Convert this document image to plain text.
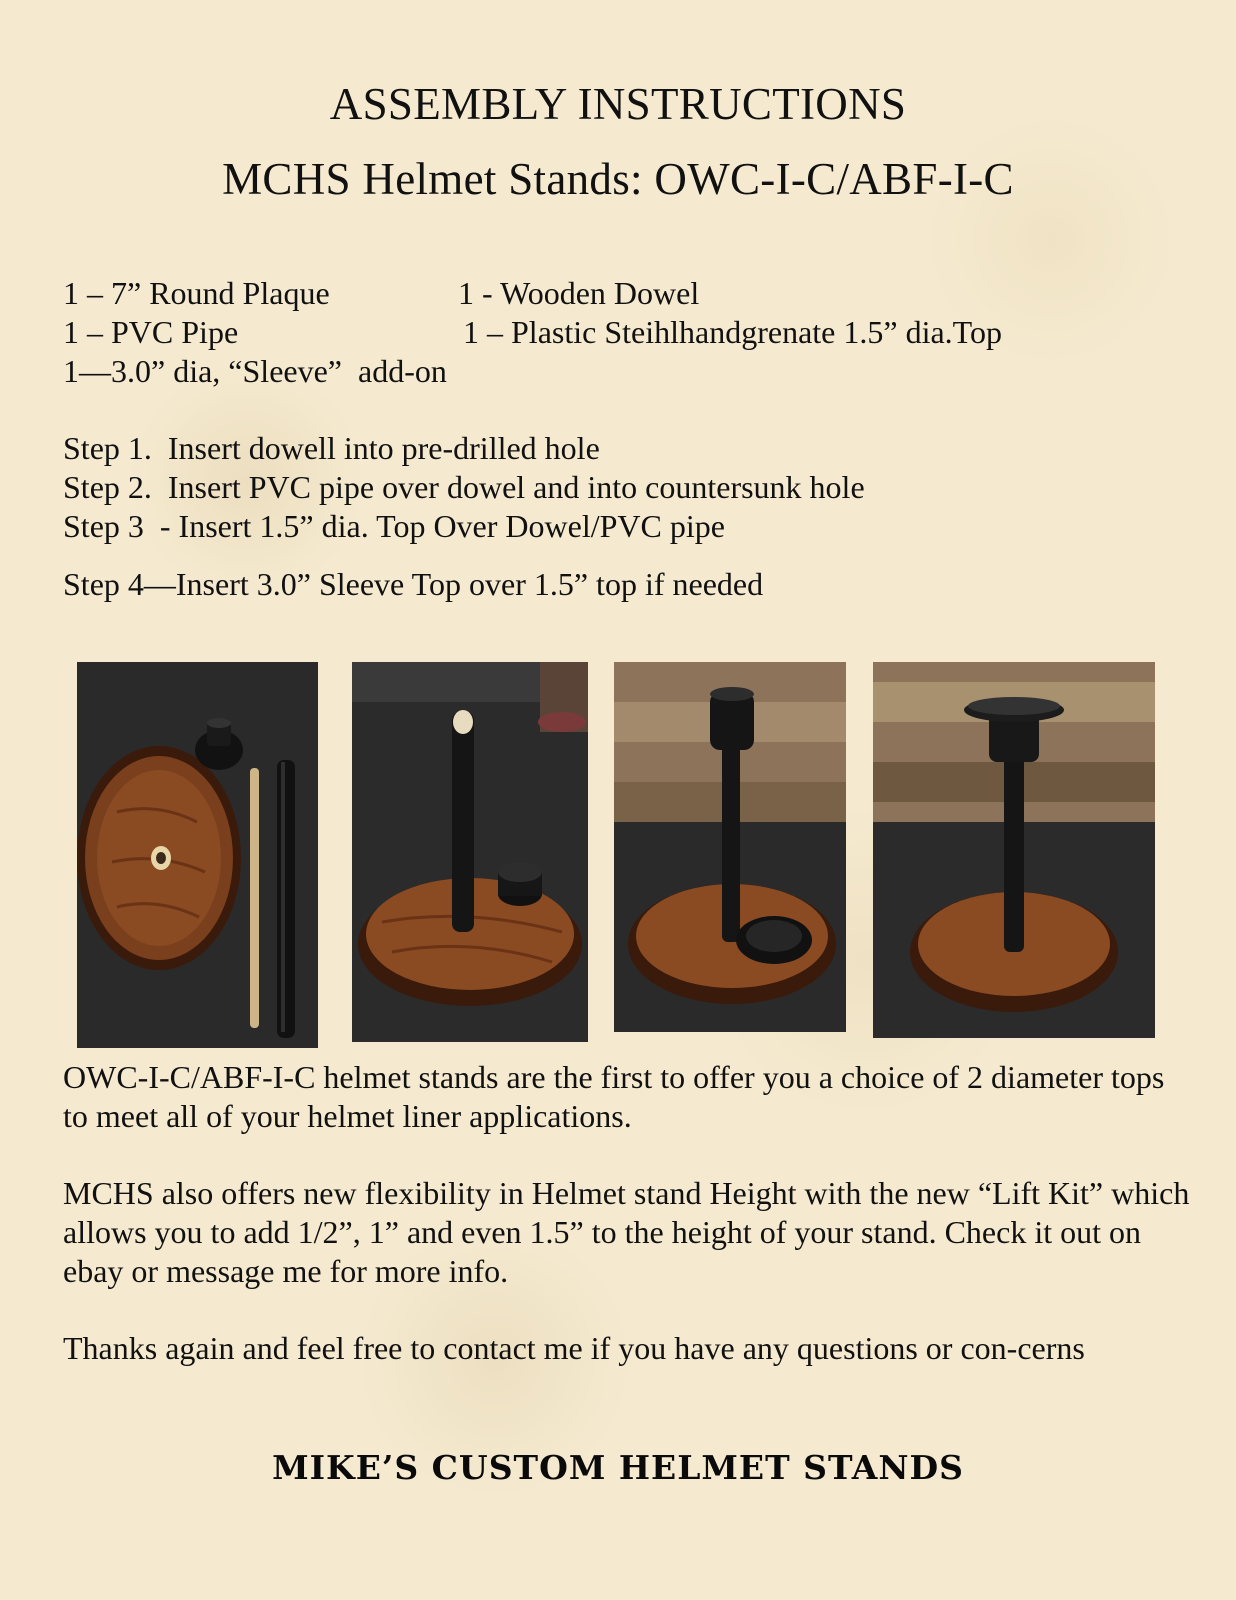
ASSEMBLY INSTRUCTIONS
MCHS Helmet Stands: OWC-I-C/ABF-I-C
1 – 7” Round Plaque	1 - Wooden Dowel
1 – PVC Pipe	1 – Plastic Steihlhandgrenate 1.5” dia.Top
1—3.0” dia, “Sleeve”  add-on
Step 1.  Insert dowell into pre-drilled hole
Step 2.  Insert PVC pipe over dowel and into countersunk hole
Step 3  - Insert 1.5” dia. Top Over Dowel/PVC pipe
Step 4—Insert 3.0” Sleeve Top over 1.5” top if needed
OWC-I-C/ABF-I-C helmet stands are the first to offer you a choice of 2 diameter tops to meet all of your helmet liner applications.
MCHS also offers new flexibility in Helmet stand Height with the new “Lift Kit” which allows you to add 1/2”, 1” and even 1.5” to the height of your stand. Check it out on ebay or message me for more info.
Thanks again and feel free to contact me if you have any questions or con-cerns
MIKE’S CUSTOM HELMET STANDS
